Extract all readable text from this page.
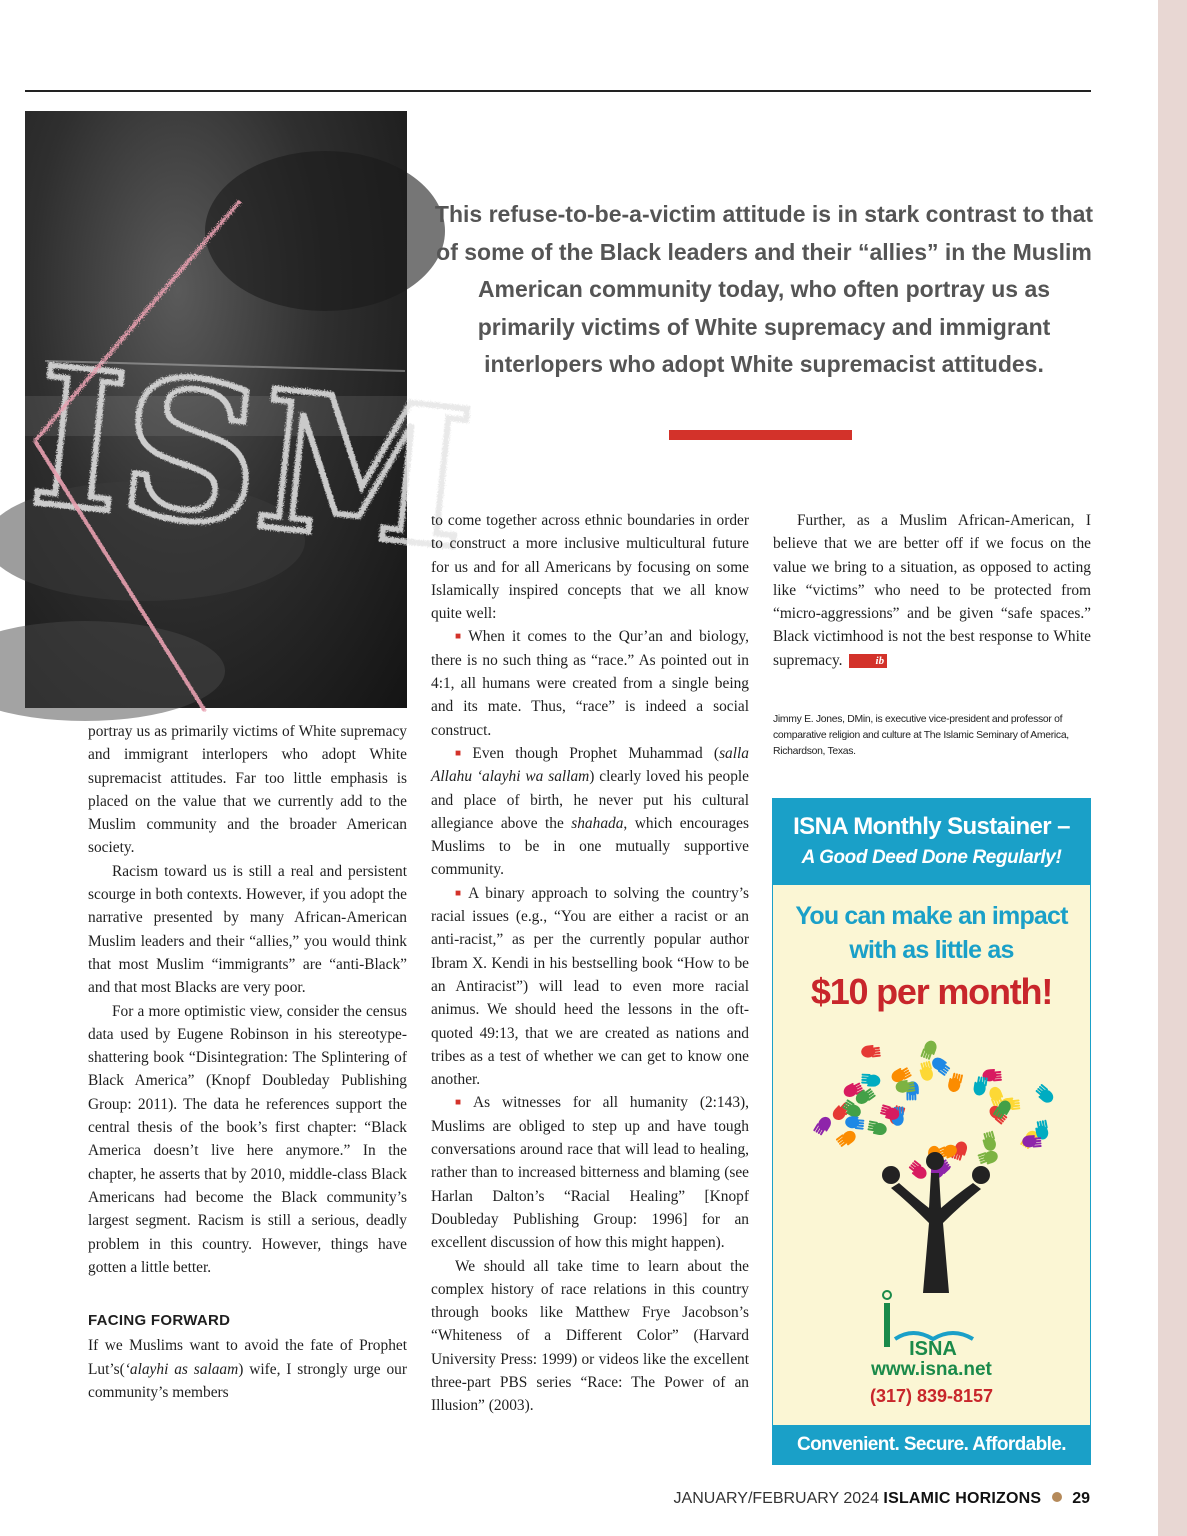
ISM
This refuse-to-be-a-victim attitude is in stark contrast to that of some of the Black leaders and their “allies” in the Muslim American community today, who often portray us as primarily victims of White supremacy and immigrant interlopers who adopt White supremacist attitudes.

portray us as primarily victims of White supremacy and immigrant interlopers who adopt White supremacist attitudes. Far too little emphasis is placed on the value that we currently add to the Muslim community and the broader American society.

Racism toward us is still a real and persistent scourge in both contexts. However, if you adopt the narrative presented by many African-American Muslim leaders and their “allies,” you would think that most Muslim “immigrants” are “anti-Black” and that most Blacks are very poor.

For a more optimistic view, consider the census data used by Eugene Robinson in his stereotype-shattering book “Disintegration: The Splintering of Black America” (Knopf Doubleday Publishing Group: 2011). The data he references support the central thesis of the book’s first chapter: “Black America doesn’t live here anymore.” In the chapter, he asserts that by 2010, middle-class Black Americans had become the Black community’s largest segment. Racism is still a serious, deadly problem in this country. However, things have gotten a little better.

FACING FORWARD

If we Muslims want to avoid the fate of Prophet Lut’s(‘alayhi as salaam) wife, I strongly urge our community’s members

to come together across ethnic boundaries in order to construct a more inclusive multicultural future for us and for all Americans by focusing on some Islamically inspired concepts that we all know quite well:

■ When it comes to the Qur’an and biology, there is no such thing as “race.” As pointed out in 4:1, all humans were created from a single being and its mate. Thus, “race” is indeed a social construct.

■ Even though Prophet Muhammad (salla Allahu ‘alayhi wa sallam) clearly loved his people and place of birth, he never put his cultural allegiance above the shahada, which encourages Muslims to be in one mutually supportive community.

■ A binary approach to solving the country’s racial issues (e.g., “You are either a racist or an anti-racist,” as per the currently popular author Ibram X. Kendi in his bestselling book “How to be an Antiracist”) will lead to even more racial animus. We should heed the lessons in the oft-quoted 49:13, that we are created as nations and tribes as a test of whether we can get to know one another.

■ As witnesses for all humanity (2:143), Muslims are obliged to step up and have tough conversations around race that will lead to healing, rather than to increased bitterness and blaming (see Harlan Dalton’s “Racial Healing” [Knopf Doubleday Publishing Group: 1996] for an excellent discussion of how this might happen).

We should all take time to learn about the complex history of race relations in this country through books like Matthew Frye Jacobson’s “Whiteness of a Different Color” (Harvard University Press: 1999) or videos like the excellent three-part PBS series “Race: The Power of an Illusion” (2003).

Further, as a Muslim African-American, I believe that we are better off if we focus on the value we bring to a situation, as opposed to acting like “victims” who need to be protected from “micro-aggressions” and be given “safe spaces.” Black victimhood is not the best response to White supremacy.	ib

Jimmy E. Jones, DMin, is executive vice-president and professor of comparative religion and culture at The Islamic Seminary of America, Richardson, Texas.
ISNA Monthly Sustainer –
A Good Deed Done Regularly!
You can make an impact
with as little as
$10 per month!
ISNA
www.isna.net
(317) 839-8157
Convenient. Secure. Affordable.
JANUARY/FEBRUARY 2024 ISLAMIC HORIZONS 29
